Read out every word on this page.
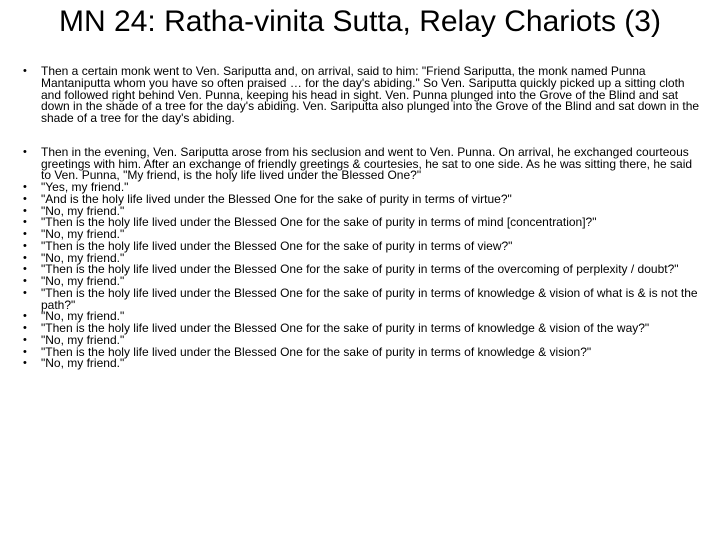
MN 24: Ratha-vinita Sutta, Relay Chariots (3)
• Then a certain monk went to Ven. Sariputta and, on arrival, said to him: "Friend Sariputta, the monk named Punna Mantaniputta whom you have so often praised … for the day's abiding." So Ven. Sariputta quickly picked up a sitting cloth and followed right behind Ven. Punna, keeping his head in sight. Ven. Punna plunged into the Grove of the Blind and sat down in the shade of a tree for the day's abiding. Ven. Sariputta also plunged into the Grove of the Blind and sat down in the shade of a tree for the day's abiding.
• Then in the evening, Ven. Sariputta arose from his seclusion and went to Ven. Punna. On arrival, he exchanged courteous greetings with him. After an exchange of friendly greetings & courtesies, he sat to one side. As he was sitting there, he said to Ven. Punna, "My friend, is the holy life lived under the Blessed One?"
• "Yes, my friend."
• "And is the holy life lived under the Blessed One for the sake of purity in terms of virtue?"
• "No, my friend."
• "Then is the holy life lived under the Blessed One for the sake of purity in terms of mind [concentration]?"
• "No, my friend."
• "Then is the holy life lived under the Blessed One for the sake of purity in terms of view?"
• "No, my friend."
• "Then is the holy life lived under the Blessed One for the sake of purity in terms of the overcoming of perplexity / doubt?"
• "No, my friend."
• "Then is the holy life lived under the Blessed One for the sake of purity in terms of knowledge & vision of what is & is not the path?"
• "No, my friend."
• "Then is the holy life lived under the Blessed One for the sake of purity in terms of knowledge & vision of the way?"
• "No, my friend."
• "Then is the holy life lived under the Blessed One for the sake of purity in terms of knowledge & vision?"
• "No, my friend."
